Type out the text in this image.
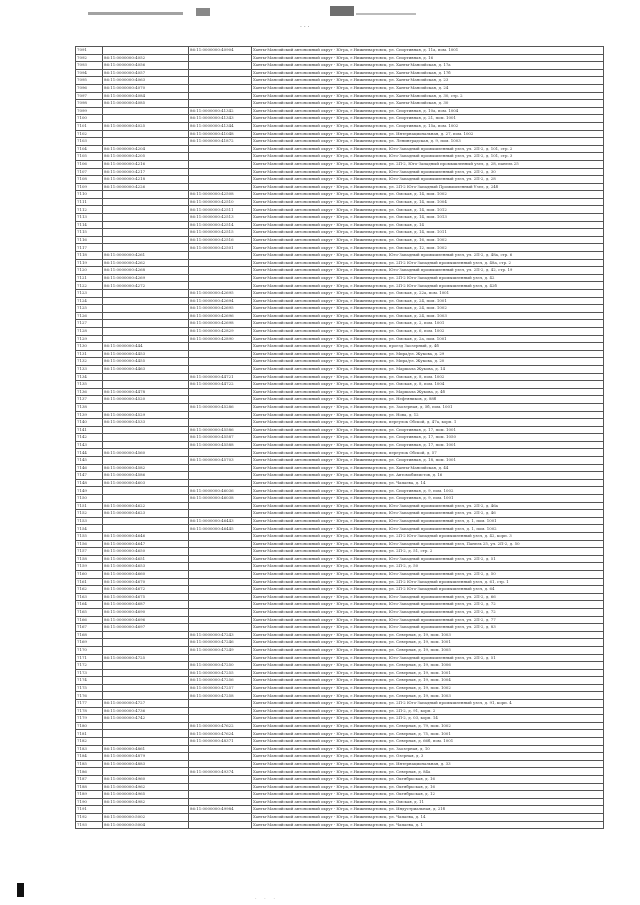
· · ·
7091		86:11:0000000:40904	Ханты-Мансийский автономный округ - Югра, г.Нижневартовск, ул. Спортивная, д. 11а, пом. 1001
7092	86:11:0000000:4052		Ханты-Мансийский автономный округ - Югра, г.Нижневартовск, ул. Спортивная, д. 16
7093	86:11:0000000:4056		Ханты-Мансийский автономный округ - Югра, г.Нижневартовск, ул. Ханты-Мансийская, д. 17а
7094	86:11:0000000:4057		Ханты-Мансийский автономный округ - Югра, г.Нижневартовск, ул. Ханты-Мансийская, д. 17б
7095	86:11:0000000:4063		Ханты-Мансийский автономный округ - Югра, г.Нижневартовск, ул. Ханты-Мансийская, д. 23
7096	86:11:0000000:4070		Ханты-Мансийский автономный округ - Югра, г.Нижневартовск, ул. Ханты-Мансийская, д. 24
7097	86:11:0000000:4084		Ханты-Мансийский автономный округ - Югра, г.Нижневартовск, ул. Ханты-Мансийская, д. 30, стр. 2
7098	86:11:0000000:4085		Ханты-Мансийский автономный округ - Югра, г.Нижневартовск, ул. Ханты-Мансийская, д. 30
7099		86:11:0000000:41342	Ханты-Мансийский автономный округ - Югра, г.Нижневартовск, ул. Спортивная, д. 10а, пом. 1004
7100		86:11:0000000:41343	Ханты-Мансийский автономный округ - Югра, г.Нижневартовск, ул. Спортивная, д. 21, пом. 1001
7101	86:11:0000000:4025	86:11:0000000:41344	Ханты-Мансийский автономный округ - Югра, г.Нижневартовск, ул. Спортивная, д. 15а, пом. 1002
7102		86:11:0000000:41048	Ханты-Мансийский автономный округ - Югра, г.Нижневартовск, ул. Интернациональная, д. 27, пом. 1002
7103		86:11:0000000:41872	Ханты-Мансийский автономный округ - Югра, г.Нижневартовск, ул. Ленинградская, д. 9, пом. 1003
7104	86:11:0000000:4204		Ханты-Мансийский автономный округ - Югра, г.Нижневартовск, Юго-Западный промышленный узел, ул. 2П-2, д. 101, стр. 2
7105	86:11:0000000:4205		Ханты-Мансийский автономный округ - Югра, г.Нижневартовск, Юго-Западный промышленный узел, ул. 2П-2, д. 101, стр. 3
7106	86:11:0000000:4216		Ханты-Мансийский автономный округ - Югра, г.Нижневартовск, ул. 2П-2, Юго-Западный промышленный узел, д. 28, панель 25
7107	86:11:0000000:4217		Ханты-Мансийский автономный округ - Югра, г.Нижневартовск, Юго-Западный промышленный узел, ул. 2П-2, д. 30
7108	86:11:0000000:4218		Ханты-Мансийский автономный округ - Югра, г.Нижневартовск, Юго-Западный промышленный узел, ул. 2П-2, д. 28
7109	86:11:0000000:4226		Ханты-Мансийский автономный округ - Югра, г.Нижневартовск, ул. 2П-2 Юго-Западный Промышленный Узел, д. 24б
7110		86:11:0000000:42508	Ханты-Мансийский автономный округ - Югра, г.Нижневартовск, ул. Омская, д. 14, пом. 1002
7111		86:11:0000000:42510	Ханты-Мансийский автономный округ - Югра, г.Нижневартовск, ул. Омская, д. 14, пом. 1004
7112		86:11:0000000:42511	Ханты-Мансийский автономный округ - Югра, г.Нижневартовск, ул. Омская, д. 14, пом. 1012
7113		86:11:0000000:42513	Ханты-Мансийский автономный округ - Югра, г.Нижневартовск, ул. Омская, д. 14, пом. 1013
7114		86:11:0000000:42514	Ханты-Мансийский автономный округ - Югра, г.Нижневартовск, ул. Омская, д. 14
7115		86:11:0000000:42515	Ханты-Мансийский автономный округ - Югра, г.Нижневартовск, ул. Омская, д. 14, пом. 1011
7116		86:11:0000000:42516	Ханты-Мансийский автономный округ - Югра, г.Нижневартовск, ул. Омская, д. 16, пом. 1002
7117		86:11:0000000:42501	Ханты-Мансийский автономный округ - Югра, г.Нижневартовск, ул. Омская, д. 12, пом. 1002
7118	86:11:0000000:4261		Ханты-Мансийский автономный округ - Югра, г.Нижневартовск, Юго-Западный промышленный узел, ул. 2П-2, д. 48а, стр. 6
7119	86:11:0000000:4262		Ханты-Мансийский автономный округ - Югра, г.Нижневартовск, ул. 2П-2 Юго-Западный промышленный узел, д. 48а, стр. 2
7120	86:11:0000000:4268		Ханты-Мансийский автономный округ - Югра, г.Нижневартовск, Юго-Западный промышленный узел, ул. 2П-2, д. 42, стр. 19
7121	86:11:0000000:4269		Ханты-Мансийский автономный округ - Югра, г.Нижневартовск, ул. 2П-2 Юго-Западный промышленный узел, д. 42
7122	86:11:0000000:4272		Ханты-Мансийский автономный округ - Югра, г.Нижневартовск, ул. 2П-2 Юго-Западный промышленный узел, д. 42б
7123		86:11:0000000:42695	Ханты-Мансийский автономный округ - Югра, г.Нижневартовск, ул. Омская, д. 22а, пом. 1001
7124		86:11:0000000:42694	Ханты-Мансийский автономный округ - Югра, г.Нижневартовск, ул. Омская, д. 24, пом. 1001
7125		86:11:0000000:42695	Ханты-Мансийский автономный округ - Югра, г.Нижневартовск, ул. Омская, д. 24, пом. 1002
7126		86:11:0000000:42696	Ханты-Мансийский автономный округ - Югра, г.Нижневартовск, ул. Омская, д. 24, пом. 1003
7127		86:11:0000000:42698	Ханты-Мансийский автономный округ - Югра, г.Нижневартовск, ул. Омская, д. 2, пом. 1001
7128		86:11:0000000:42829	Ханты-Мансийский автономный округ - Югра, г.Нижневартовск, ул. Омская, д. 6, пом. 1002
7129		86:11:0000000:42890	Ханты-Мансийский автономный округ - Югра, г.Нижневартовск, ул. Омская, д. 2а, пом. 1001
7130	86:11:0000000:444		Ханты-Мансийский автономный округ - Югра, г.Нижневартовск, проезд Заозерный, д. 4б
7131	86:11:0000000:4453		Ханты-Мансийский автономный округ - Югра, г.Нижневартовск, ул. Мира/ул. Жукова, д. 29
7132	86:11:0000000:4455		Ханты-Мансийский автономный округ - Югра, г.Нижневартовск, ул. Мира/ул. Жукова, д. 20
7133	86:11:0000000:4463		Ханты-Мансийский автономный округ - Югра, г.Нижневартовск, ул. Маршала Жукова, д. 14
7134		86:11:0000000:44721	Ханты-Мансийский автономный округ - Югра, г.Нижневартовск, ул. Омская, д. 8, пом. 1002
7135		86:11:0000000:44722	Ханты-Мансийский автономный округ - Югра, г.Нижневартовск, ул. Омская, д. 8, пом. 1004
7136	86:11:0000000:4478		Ханты-Мансийский автономный округ - Югра, г.Нижневартовск, ул. Маршала Жукова, д. 4б
7137	86:11:0000000:4520		Ханты-Мансийский автономный округ - Югра, г.Нижневартовск, ул. Нефтяников, д. 88б
7138		86:11:0000000:45286	Ханты-Мансийский автономный округ - Югра, г.Нижневартовск, ул. Заозерная, д. 5б, пом. 1001
7139	86:11:0000000:4529		Ханты-Мансийский автономный округ - Югра, г.Нижневартовск, ул. Нова, д. 12
7140	86:11:0000000:4533		Ханты-Мансийский автономный округ - Югра, г.Нижневартовск, переулок Обской, д. 47а, корп. 1
7141		86:11:0000000:45586	Ханты-Мансийский автономный округ - Югра, г.Нижневартовск, ул. Спортивная, д. 17, пом. 1001
7142		86:11:0000000:45587	Ханты-Мансийский автономный округ - Югра, г.Нижневартовск, ул. Спортивная, д. 17, пом. 1050
7143		86:11:0000000:45588	Ханты-Мансийский автономный округ - Югра, г.Нижневартовск, ул. Спортивная, д. 17, пом. 1001
7144	86:11:0000000:4560		Ханты-Мансийский автономный округ - Югра, г.Нижневартовск, переулок Обской, д. 57
7145		86:11:0000000:45703	Ханты-Мансийский автономный округ - Югра, г.Нижневартовск, ул. Спортивная, д. 18, пом. 1001
7146	86:11:0000000:4582		Ханты-Мансийский автономный округ - Югра, г.Нижневартовск, ул. Ханты-Мансийская, д. 44
7147	86:11:0000000:4586		Ханты-Мансийский автономный округ - Югра, г.Нижневартовск, ул. Автомобилистов, д. 16
7148	86:11:0000000:4603		Ханты-Мансийский автономный округ - Югра, г.Нижневартовск, ул. Чапаева, д. 14
7149		86:11:0000000:46036	Ханты-Мансийский автономный округ - Югра, г.Нижневартовск, ул. Спортивная, д. 9, пом. 1002
7150		86:11:0000000:46038	Ханты-Мансийский автономный округ - Югра, г.Нижневартовск, ул. Спортивная, д. 9, пом. 1001
7151	86:11:0000000:4622		Ханты-Мансийский автономный округ - Югра, г.Нижневартовск, Юго-Западный промышленный узел, ул. 2П-2, д. 46а
7152	86:11:0000000:4623		Ханты-Мансийский автономный округ - Югра, г.Нижневартовск, Юго-Западный промышленный узел, ул. 2П-2, д. 46
7153		86:11:0000000:46443	Ханты-Мансийский автономный округ - Югра, г.Нижневартовск, Юго-Западный промышленный узел, д. 1, пом. 1001
7154		86:11:0000000:46445	Ханты-Мансийский автономный округ - Югра, г.Нижневартовск, Юго-Западный промышленный узел, д. 1, пом. 1002
7155	86:11:0000000:4646		Ханты-Мансийский автономный округ - Югра, г.Нижневартовск, ул. 2П-2 Юго-Западный промышленный узел, д. 42, корп. 3
7156	86:11:0000000:4647		Ханты-Мансийский автономный округ - Югра, г.Нижневартовск, Юго-Западный промышленный узел, Панель 25, ул. 2П-2, д. 50
7157	86:11:0000000:4650		Ханты-Мансийский автономный округ - Югра, г.Нижневартовск, ул. 2П-2, д. 51, стр. 2
7158	86:11:0000000:4651		Ханты-Мансийский автономный округ - Югра, г.Нижневартовск, Юго-Западный промышленный узел, ул. 2П-2, д. 51
7159	86:11:0000000:4653		Ханты-Мансийский автономный округ - Югра, г.Нижневартовск, ул. 2П-2, д. 50
7160	86:11:0000000:4660		Ханты-Мансийский автономный округ - Югра, г.Нижневартовск, Юго-Западный промышленный узел, ул. 2П-2, д. 50
7161	86:11:0000000:4670		Ханты-Мансийский автономный округ - Югра, г.Нижневартовск, ул. 2П-2 Юго-Западный промышленный узел, д. 61, стр. 1
7162	86:11:0000000:4672		Ханты-Мансийский автономный округ - Югра, г.Нижневартовск, ул. 2П-2 Юго-Западный промышленный узел, д. 64
7163	86:11:0000000:4675		Ханты-Мансийский автономный округ - Югра, г.Нижневартовск, Юго-Западный промышленный узел, ул. 2П-2, д. 66
7164	86:11:0000000:4687		Ханты-Мансийский автономный округ - Югра, г.Нижневартовск, Юго-Западный промышленный узел, ул. 2П-2, д. 72
7165	86:11:0000000:4690		Ханты-Мансийский автономный округ - Югра, г.Нижневартовск, Юго-Западный промышленный узел, ул. 2П-2, д. 72
7166	86:11:0000000:4696		Ханты-Мансийский автономный округ - Югра, г.Нижневартовск, Юго-Западный промышленный узел, ул. 2П-2, д. 77
7167	86:11:0000000:4697		Ханты-Мансийский автономный округ - Югра, г.Нижневартовск, Юго-Западный промышленный узел, ул. 2П-2, д. 83
7168		86:11:0000000:47243	Ханты-Мансийский автономный округ - Югра, г.Нижневартовск, ул. Северная, д. 19, пом. 1003
7169		86:11:0000000:47246	Ханты-Мансийский автономный округ - Югра, г.Нижневартовск, ул. Северная, д. 19, пом. 1001
7170		86:11:0000000:47249	Ханты-Мансийский автономный округ - Югра, г.Нижневартовск, ул. Северная, д. 19, пом. 1005
7171	86:11:0000000:4725		Ханты-Мансийский автономный округ - Югра, г.Нижневартовск, Юго-Западный промышленный узел, ул. 2П-2, д. 51
7172		86:11:0000000:47250	Ханты-Мансийский автономный округ - Югра, г.Нижневартовск, ул. Северная, д. 19, пом. 1006
7173		86:11:0000000:47255	Ханты-Мансийский автономный округ - Югра, г.Нижневартовск, ул. Северная, д. 19, пом. 1001
7174		86:11:0000000:47256	Ханты-Мансийский автономный округ - Югра, г.Нижневартовск, ул. Северная, д. 19, пом. 1004
7175		86:11:0000000:47257	Ханты-Мансийский автономный округ - Югра, г.Нижневартовск, ул. Северная, д. 19, пом. 1002
7176		86:11:0000000:47258	Ханты-Мансийский автономный округ - Югра, г.Нижневартовск, ул. Северная, д. 19, пом. 1003
7177	86:11:0000000:4727		Ханты-Мансийский автономный округ - Югра, г.Нижневартовск, ул. 2П-2 Юго-Западный промышленный узел, д. 91, корп. 4
7178	86:11:0000000:4736		Ханты-Мансийский автономный округ - Югра, г.Нижневартовск, ул. 2П-2, д. 91, корп. 2
7179	86:11:0000000:4742		Ханты-Мансийский автономный округ - Югра, г.Нижневартовск, ул. 2П-2, д. 03, корп. 14
7180		86:11:0000000:47622	Ханты-Мансийский автономный округ - Югра, г.Нижневартовск, ул. Северная, д. 79, пом. 1002
7181		86:11:0000000:47624	Ханты-Мансийский автономный округ - Югра, г.Нижневартовск, ул. Северная, д. 75, пом. 1001
7182		86:11:0000000:48371	Ханты-Мансийский автономный округ - Югра, г.Нижневартовск, ул. Северная, д. 66б, пом. 1001
7183	86:11:0000000:4861		Ханты-Мансийский автономный округ - Югра, г.Нижневартовск, ул. Заозерная, д. 10
7184	86:11:0000000:4879		Ханты-Мансийский автономный округ - Югра, г.Нижневартовск, ул. Озерная, д. 3
7185	86:11:0000000:4883		Ханты-Мансийский автономный округ - Югра, г.Нижневартовск, ул. Интернациональная, д. 33
7186		86:11:0000000:49374	Ханты-Мансийский автономный округ - Югра, г.Нижневартовск, ул. Северная, д. 84а
7187	86:11:0000000:4960		Ханты-Мансийский автономный округ - Югра, г.Нижневартовск, ул. Октябрьская, д. 16
7188	86:11:0000000:4962		Ханты-Мансийский автономный округ - Югра, г.Нижневартовск, ул. Октябрьская, д. 16
7189	86:11:0000000:4965		Ханты-Мансийский автономный округ - Югра, г.Нижневартовск, ул. Октябрьская, д. 12
7190	86:11:0000000:4982		Ханты-Мансийский автономный округ - Югра, г.Нижневартовск, ул. Омская, д. 11
7191		86:11:0000000:49984	Ханты-Мансийский автономный округ - Югра, г.Нижневартовск, ул. Индустриальная, д. 21б
7192	86:11:0000000:5002		Ханты-Мансийский автономный округ - Югра, г.Нижневартовск, ул. Чапаева, д. 14
7193	86:11:0000000:5004		Ханты-Мансийский автономный округ - Югра, г.Нижневартовск, ул. Чапаева, д. 1
· · ·
